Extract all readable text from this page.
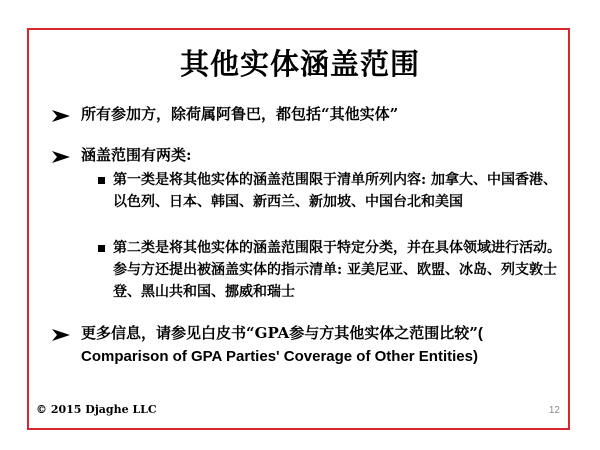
其他实体涵盖范围
所有参加方，除荷属阿鲁巴，都包括“其他实体”
涵盖范围有两类:
第一类是将其他实体的涵盖范围限于清单所列内容: 加拿大、中国香港、以色列、日本、韩国、新西兰、新加坡、中国台北和美国
第二类是将其他实体的涵盖范围限于特定分类，并在具体领域进行活动。参与方还提出被涵盖实体的指示清单: 亚美尼亚、欧盟、冰岛、列支敦士登、黑山共和国、挪威和瑞士
更多信息，请参见白皮书“GPA参与方其他实体之范围比较”( Comparison of GPA Parties' Coverage of Other Entities)
© 2015 Djaghe LLC	12
